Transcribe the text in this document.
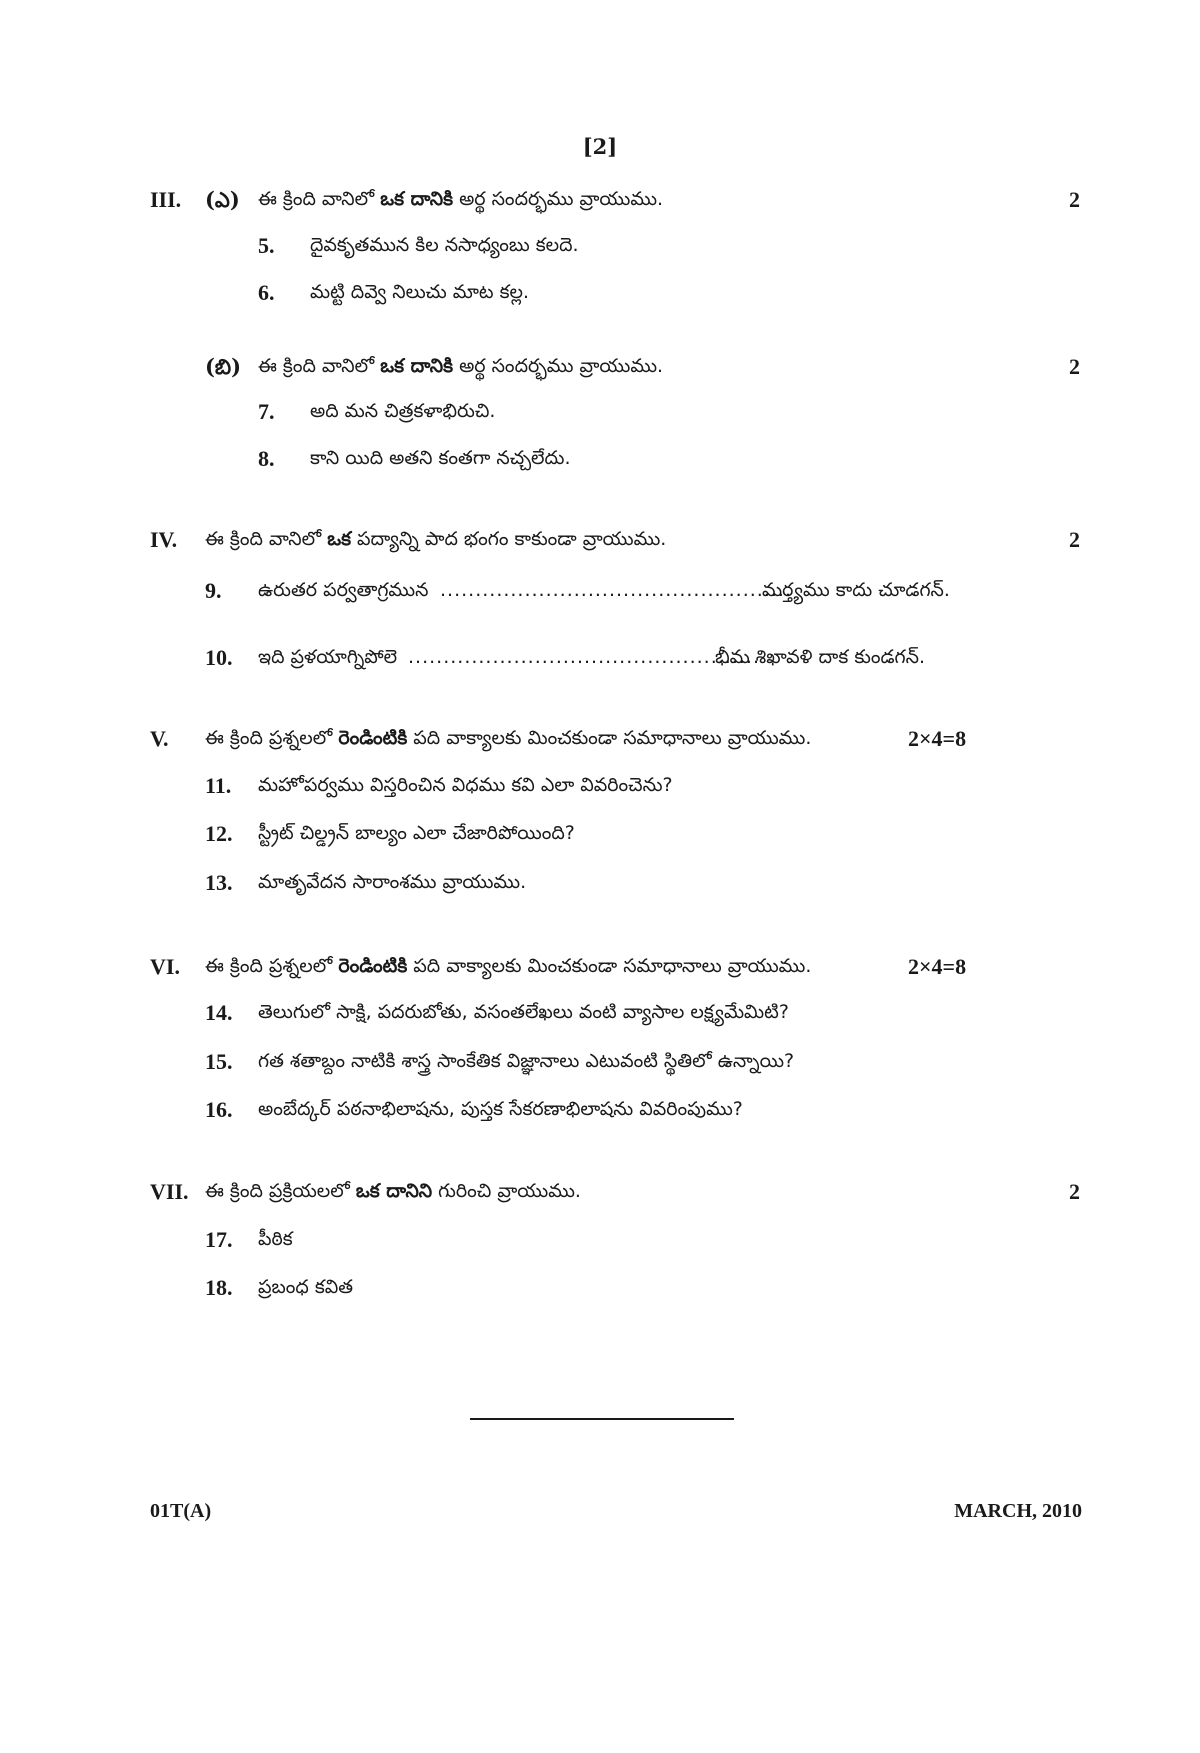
[2]
III. (ఎ) ఈ క్రింది వానిలో ఒక దానికి అర్థ సందర్భము వ్రాయుము.	2
5. దైవకృతమున కిల నసాధ్యంబు కలదె.
6. మట్టి దివ్వె నిలుచు మాట కల్ల.
(బి) ఈ క్రింది వానిలో ఒక దానికి అర్థ సందర్భము వ్రాయుము.	2
7. అది మన చిత్రకళాభిరుచి.
8. కాని యిది అతని కంతగా నచ్చలేదు.
IV. ఈ క్రింది వానిలో ఒక పద్యాన్ని పాద భంగం కాకుండా వ్రాయుము.	2
9. ఉరుతర పర్వతాగ్రమున ..................................................
మర్త్యము కాదు చూడగన్.
10. ఇది ప్రళయాగ్నిపోలె ..................................................
భీమ శిఖావళి దాక కుండగన్.
V. ఈ క్రింది ప్రశ్నలలో రెండింటికి పది వాక్యాలకు మించకుండా సమాధానాలు వ్రాయుము.	2×4=8
11. మహోపర్వము విస్తరించిన విధము కవి ఎలా వివరించెను?
12. స్ట్రీట్ చిల్డ్రన్ బాల్యం ఎలా చేజారిపోయింది?
13. మాతృవేదన సారాంశము వ్రాయుము.
VI. ఈ క్రింది ప్రశ్నలలో రెండింటికి పది వాక్యాలకు మించకుండా సమాధానాలు వ్రాయుము.	2×4=8
14. తెలుగులో సాక్షి, పదరుబోతు, వసంతలేఖలు వంటి వ్యాసాల లక్ష్యమేమిటి?
15. గత శతాబ్దం నాటికి శాస్త్ర సాంకేతిక విజ్ఞానాలు ఎటువంటి స్థితిలో ఉన్నాయి?
16. అంబేద్కర్ పఠనాభిలాషను, పుస్తక సేకరణాభిలాషను వివరింపుము?
VII. ఈ క్రింది ప్రక్రియలలో ఒక దానిని గురించి వ్రాయుము.	2
17. పీఠిక
18. ప్రబంధ కవిత
01T(A)	MARCH, 2010
